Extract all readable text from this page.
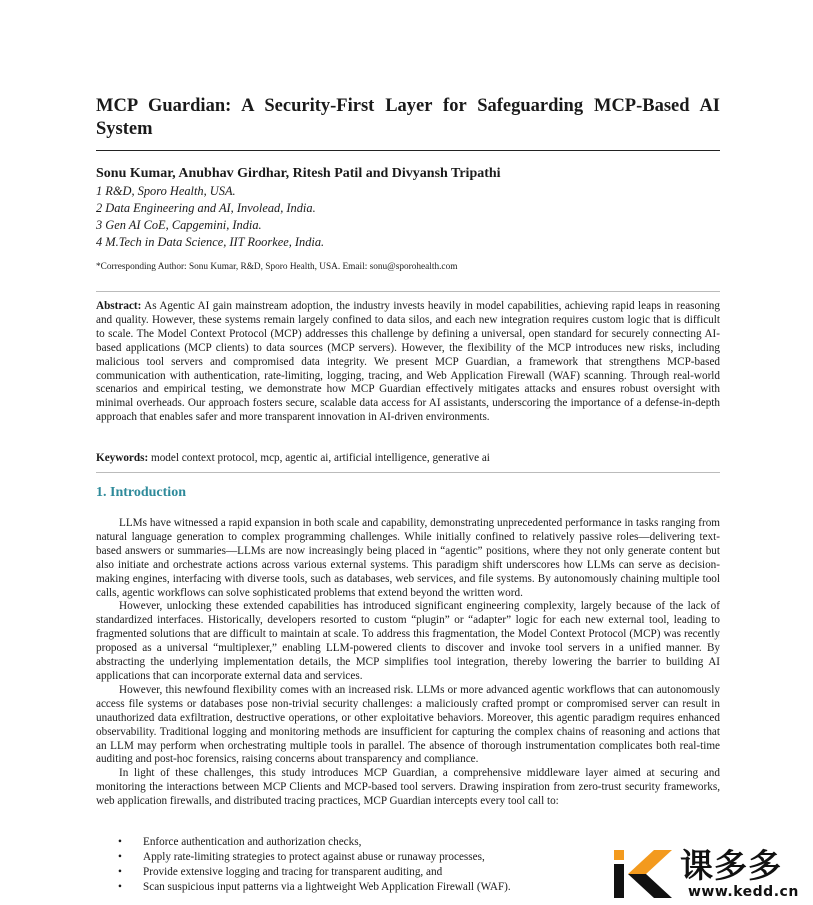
MCP Guardian: A Security-First Layer for Safeguarding MCP-Based AI System

Sonu Kumar, Anubhav Girdhar, Ritesh Patil and Divyansh Tripathi

1 R&D, Sporo Health, USA.
2 Data Engineering and AI, Involead, India.
3 Gen AI CoE, Capgemini, India.
4 M.Tech in Data Science, IIT Roorkee, India.

*Corresponding Author: Sonu Kumar, R&D, Sporo Health, USA. Email: sonu@sporohealth.com

Abstract: As Agentic AI gain mainstream adoption, the industry invests heavily in model capabilities, achieving rapid leaps in reasoning and quality. However, these systems remain largely confined to data silos, and each new integration requires custom logic that is difficult to scale. The Model Context Protocol (MCP) addresses this challenge by defining a universal, open standard for securely connecting AI-based applications (MCP clients) to data sources (MCP servers). However, the flexibility of the MCP introduces new risks, including malicious tool servers and compromised data integrity. We present MCP Guardian, a framework that strengthens MCP-based communication with authentication, rate-limiting, logging, tracing, and Web Application Firewall (WAF) scanning. Through real-world scenarios and empirical testing, we demonstrate how MCP Guardian effectively mitigates attacks and ensures robust oversight with minimal overheads. Our approach fosters secure, scalable data access for AI assistants, underscoring the importance of a defense-in-depth approach that enables safer and more transparent innovation in AI-driven environments.

Keywords: model context protocol, mcp, agentic ai, artificial intelligence, generative ai

1. Introduction

LLMs have witnessed a rapid expansion in both scale and capability, demonstrating unprecedented performance in tasks ranging from natural language generation to complex programming challenges. While initially confined to relatively passive roles—delivering text-based answers or summaries—LLMs are now increasingly being placed in “agentic” positions, where they not only generate content but also initiate and orchestrate actions across various external systems. This paradigm shift underscores how LLMs can serve as decision-making engines, interfacing with diverse tools, such as databases, web services, and file systems. By autonomously chaining multiple tool calls, agentic workflows can solve sophisticated problems that extend beyond the written word.

However, unlocking these extended capabilities has introduced significant engineering complexity, largely because of the lack of standardized interfaces. Historically, developers resorted to custom “plugin” or “adapter” logic for each new external tool, leading to fragmented solutions that are difficult to maintain at scale. To address this fragmentation, the Model Context Protocol (MCP) was recently proposed as a universal “multiplexer,” enabling LLM-powered clients to discover and invoke tool servers in a unified manner. By abstracting the underlying implementation details, the MCP simplifies tool integration, thereby lowering the barrier to building AI applications that can incorporate external data and services.

However, this newfound flexibility comes with an increased risk. LLMs or more advanced agentic workflows that can autonomously access file systems or databases pose non-trivial security challenges: a maliciously crafted prompt or compromised server can result in unauthorized data exfiltration, destructive operations, or other exploitative behaviors. Moreover, this agentic paradigm requires enhanced observability. Traditional logging and monitoring methods are insufficient for capturing the complex chains of reasoning and actions that an LLM may perform when orchestrating multiple tools in parallel. The absence of thorough instrumentation complicates both real-time auditing and post-hoc forensics, raising concerns about transparency and compliance.

In light of these challenges, this study introduces MCP Guardian, a comprehensive middleware layer aimed at securing and monitoring the interactions between MCP Clients and MCP-based tool servers. Drawing inspiration from zero-trust security frameworks, web application firewalls, and distributed tracing practices, MCP Guardian intercepts every tool call to:

• Enforce authentication and authorization checks,
• Apply rate-limiting strategies to protect against abuse or runaway processes,
• Provide extensive logging and tracing for transparent auditing, and
• Scan suspicious input patterns via a lightweight Web Application Firewall (WAF).
课多多
www.kedd.cn
